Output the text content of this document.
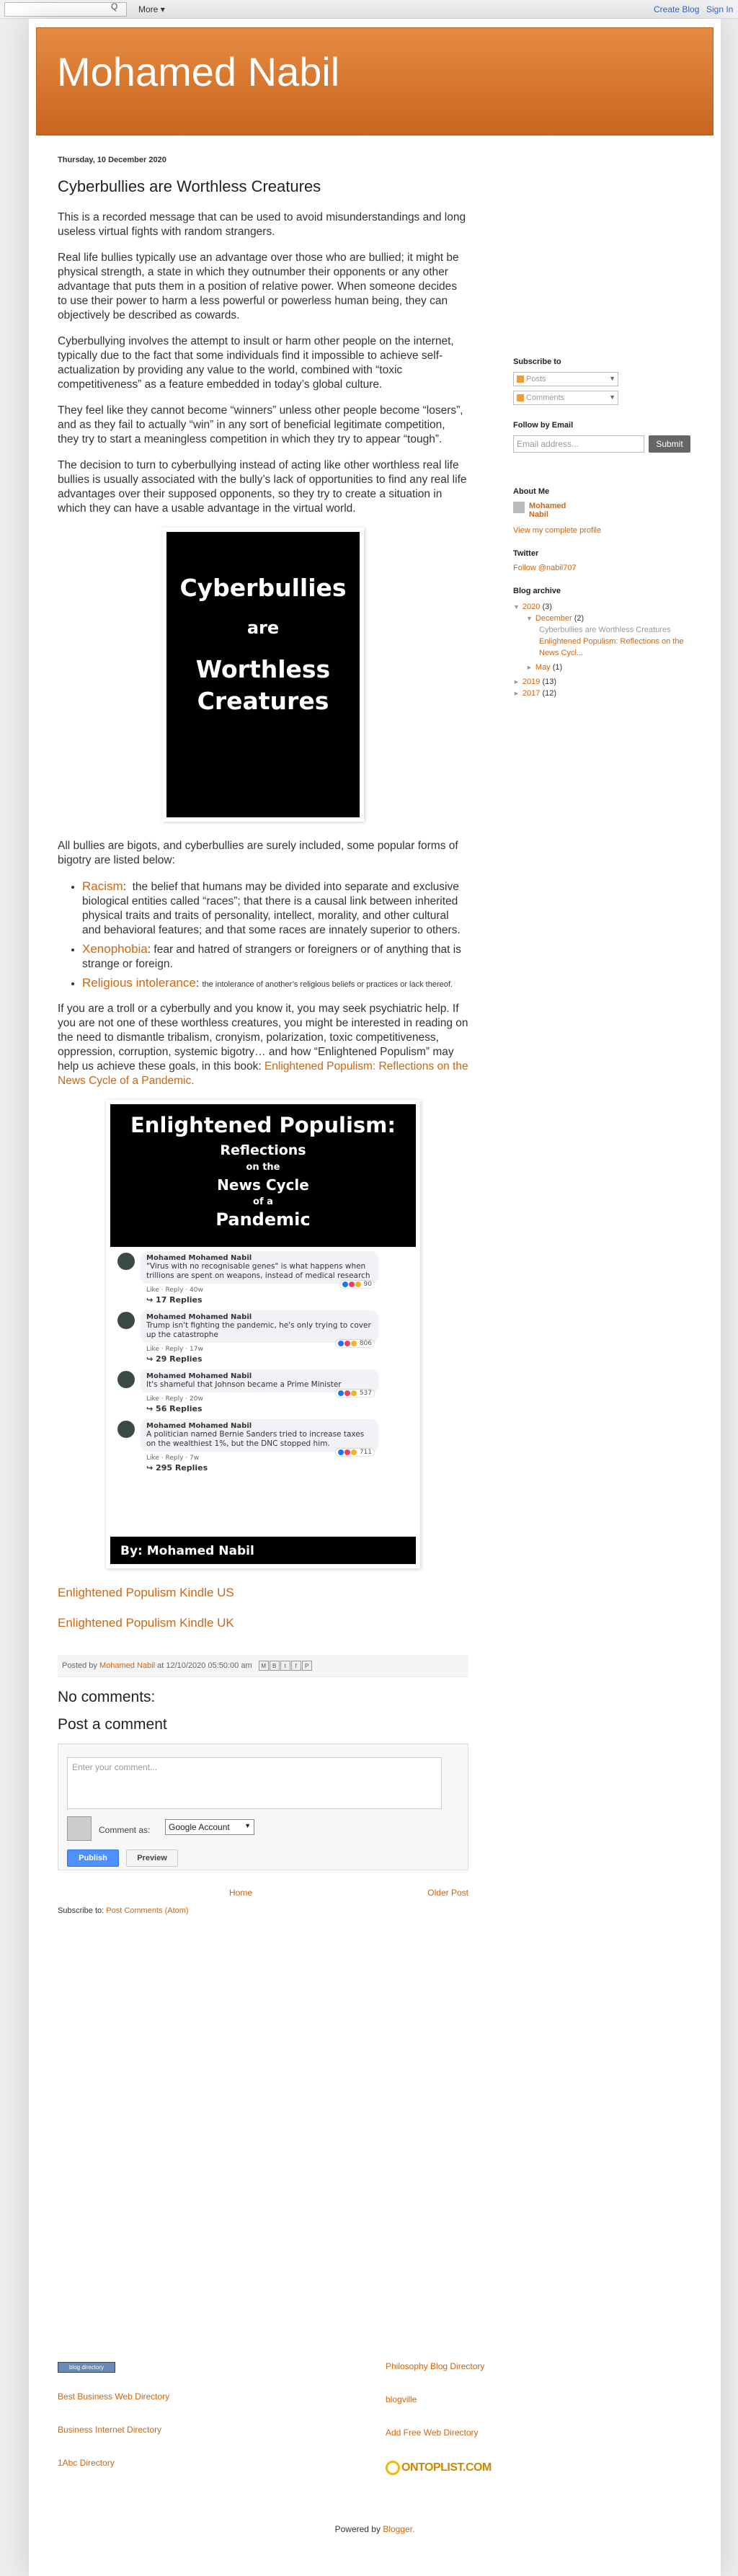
Q More ▾	Create Blog Sign In
Mohamed Nabil
Thursday, 10 December 2020
Cyberbullies are Worthless Creatures

This is a recorded message that can be used to avoid misunderstandings and long useless virtual fights with random strangers.

Real life bullies typically use an advantage over those who are bullied; it might be physical strength, a state in which they outnumber their opponents or any other advantage that puts them in a position of relative power. When someone decides to use their power to harm a less powerful or powerless human being, they can objectively be described as cowards.

Cyberbullying involves the attempt to insult or harm other people on the internet, typically due to the fact that some individuals find it impossible to achieve self-actualization by providing any value to the world, combined with “toxic competitiveness” as a feature embedded in today’s global culture.

They feel like they cannot become “winners” unless other people become “losers”, and as they fail to actually “win” in any sort of beneficial legitimate competition, they try to start a meaningless competition in which they try to appear “tough”.

The decision to turn to cyberbullying instead of acting like other worthless real life bullies is usually associated with the bully’s lack of opportunities to find any real life advantages over their supposed opponents, so they try to create a situation in which they can have a usable advantage in the virtual world.

Cyberbullies
are
Worthless
Creatures

All bullies are bigots, and cyberbullies are surely included, some popular forms of bigotry are listed below:

• Racism:  the belief that humans may be divided into separate and exclusive biological entities called “races”; that there is a causal link between inherited physical traits and traits of personality, intellect, morality, and other cultural and behavioral features; and that some races are innately superior to others.
• Xenophobia: fear and hatred of strangers or foreigners or of anything that is strange or foreign.
• Religious intolerance: the intolerance of another’s religious beliefs or practices or lack thereof.

If you are a troll or a cyberbully and you know it, you may seek psychiatric help. If you are not one of these worthless creatures, you might be interested in reading on the need to dismantle tribalism, cronyism, polarization, toxic competitiveness, oppression, corruption, systemic bigotry… and how “Enlightened Populism” may help us achieve these goals, in this book: Enlightened Populism: Reflections on the News Cycle of a Pandemic.

Enlightened Populism:
Reflections
on the
News Cycle
of a
Pandemic
Mohamed Mohamed Nabil
"Virus with no recognisable genes" is what happens when trillions are spent on weapons, instead of medical research
90
Like · Reply · 40w
↪ 17 Replies
Mohamed Mohamed Nabil
Trump isn't fighting the pandemic, he's only trying to cover up the catastrophe
806
Like · Reply · 17w
↪ 29 Replies
Mohamed Mohamed Nabil
It's shameful that Johnson became a Prime Minister
537
Like · Reply · 20w
↪ 56 Replies
Mohamed Mohamed Nabil
A politician named Bernie Sanders tried to increase taxes on the wealthiest 1%, but the DNC stopped him.
711
Like · Reply · 7w
↪ 295 Replies
By: Mohamed Nabil

Enlightened Populism Kindle US

Enlightened Populism Kindle UK

Posted by Mohamed Nabil at 12/10/2020 05:50:00 am M B t f P
No comments:
Post a comment
Enter your comment...
Comment as:	Google Account ▼
Publish	Preview
Home	Older Post
Subscribe to: Post Comments (Atom)
Subscribe to
Posts	▼
Comments	▼
Follow by Email
Email address...	Submit
About Me
Mohamed Nabil
View my complete profile
Twitter
Follow @nabil707
Blog archive
▼ 2020 (3)
▼ December (2)
Cyberbullies are Worthless Creatures
Enlightened Populism: Reflections on the News Cycl...
► May (1)
► 2019 (13)
► 2017 (12)
blog directory
Best Business Web Directory
Business Internet Directory
1Abc Directory
Philosophy Blog Directory
blogville
Add Free Web Directory
ONTOPLIST.COM
Powered by Blogger.
